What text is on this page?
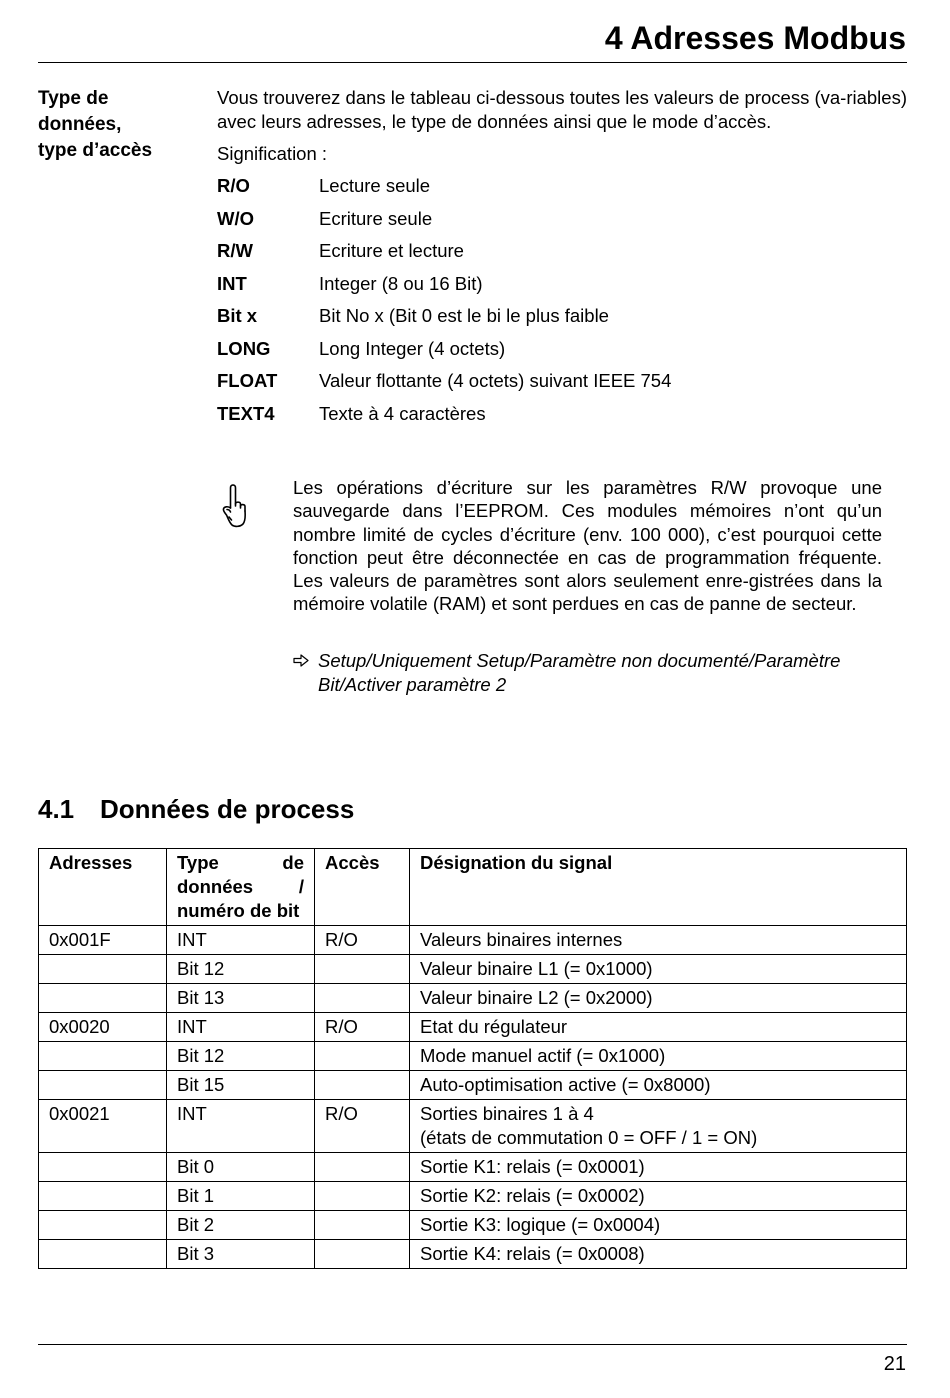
4 Adresses Modbus
Type de
données,
type d’accès
Vous trouverez dans le tableau ci-dessous toutes les valeurs de process (va-riables) avec leurs adresses, le type de données ainsi que le mode d’accès.
Signification :
R/O	Lecture seule
W/O	Ecriture seule
R/W	Ecriture et lecture
INT	Integer (8 ou 16 Bit)
Bit x	Bit No x (Bit 0 est le bi le plus faible
LONG	Long Integer (4 octets)
FLOAT	Valeur flottante (4 octets) suivant IEEE 754
TEXT4	Texte à 4 caractères
Les opérations d’écriture sur les paramètres R/W provoque une sauvegarde dans l’EEPROM. Ces modules mémoires n’ont qu’un nombre limité de cycles d’écriture (env. 100 000), c’est pourquoi cette fonction peut être déconnectée en cas de programmation fréquente. Les valeurs de paramètres sont alors seulement enre-gistrées dans la mémoire volatile (RAM) et sont perdues en cas de panne de secteur.
Setup/Uniquement Setup/Paramètre non documenté/Paramètre Bit/Activer paramètre 2
4.1 Données de process
Adresses	Type de données / numéro de bit	Accès	Désignation du signal
0x001F	INT	R/O	Valeurs binaires internes
	Bit 12		Valeur binaire L1 (= 0x1000)
	Bit 13		Valeur binaire L2 (= 0x2000)
0x0020	INT	R/O	Etat du régulateur
	Bit 12		Mode manuel actif (= 0x1000)
	Bit 15		Auto-optimisation active (= 0x8000)
0x0021	INT	R/O	Sorties binaires 1 à 4
(états de commutation 0 = OFF / 1 = ON)

	Bit 0		Sortie K1: relais (= 0x0001)
	Bit 1		Sortie K2: relais (= 0x0002)
	Bit 2		Sortie K3: logique (= 0x0004)
	Bit 3		Sortie K4: relais (= 0x0008)
21
